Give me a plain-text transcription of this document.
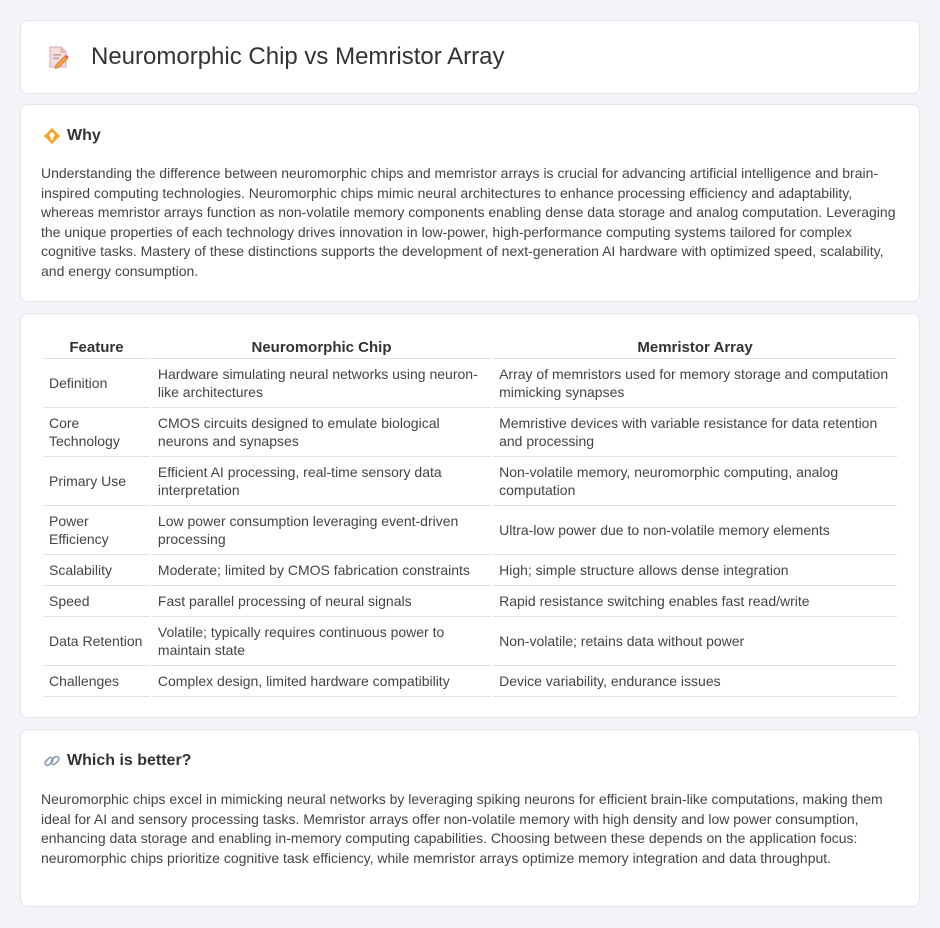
Neuromorphic Chip vs Memristor Array
Why

Understanding the difference between neuromorphic chips and memristor arrays is crucial for advancing artificial intelligence and brain-inspired computing technologies. Neuromorphic chips mimic neural architectures to enhance processing efficiency and adaptability, whereas memristor arrays function as non-volatile memory components enabling dense data storage and analog computation. Leveraging the unique properties of each technology drives innovation in low-power, high-performance computing systems tailored for complex cognitive tasks. Mastery of these distinctions supports the development of next-generation AI hardware with optimized speed, scalability, and energy consumption.

Feature	Neuromorphic Chip	Memristor Array
Definition	Hardware simulating neural networks using neuron-like architectures	Array of memristors used for memory storage and computation mimicking synapses
Core Technology	CMOS circuits designed to emulate biological neurons and synapses	Memristive devices with variable resistance for data retention and processing
Primary Use	Efficient AI processing, real-time sensory data interpretation	Non-volatile memory, neuromorphic computing, analog computation
Power Efficiency	Low power consumption leveraging event-driven processing	Ultra-low power due to non-volatile memory elements
Scalability	Moderate; limited by CMOS fabrication constraints	High; simple structure allows dense integration
Speed	Fast parallel processing of neural signals	Rapid resistance switching enables fast read/write
Data Retention	Volatile; typically requires continuous power to maintain state	Non-volatile; retains data without power
Challenges	Complex design, limited hardware compatibility	Device variability, endurance issues
Which is better?

Neuromorphic chips excel in mimicking neural networks by leveraging spiking neurons for efficient brain-like computations, making them ideal for AI and sensory processing tasks. Memristor arrays offer non-volatile memory with high density and low power consumption, enhancing data storage and enabling in-memory computing capabilities. Choosing between these depends on the application focus: neuromorphic chips prioritize cognitive task efficiency, while memristor arrays optimize memory integration and data throughput.
